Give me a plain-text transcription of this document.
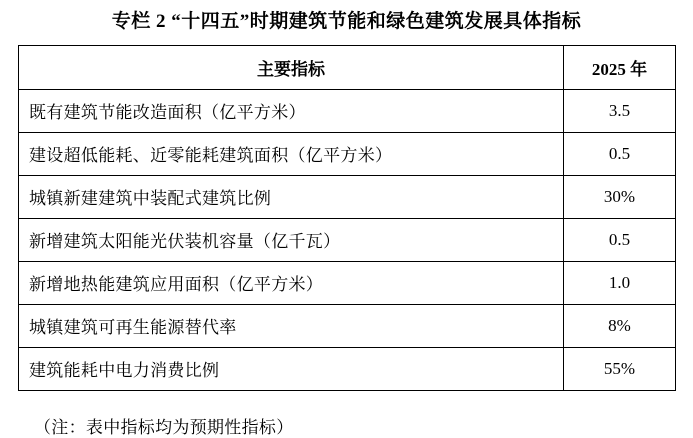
专栏 2 “十四五”时期建筑节能和绿色建筑发展具体指标
主要指标	2025 年
既有建筑节能改造面积（亿平方米）	3.5
建设超低能耗、近零能耗建筑面积（亿平方米）	0.5
城镇新建建筑中装配式建筑比例	30%
新增建筑太阳能光伏装机容量（亿千瓦）	0.5
新增地热能建筑应用面积（亿平方米）	1.0
城镇建筑可再生能源替代率	8%
建筑能耗中电力消费比例	55%
（注：表中指标均为预期性指标）
